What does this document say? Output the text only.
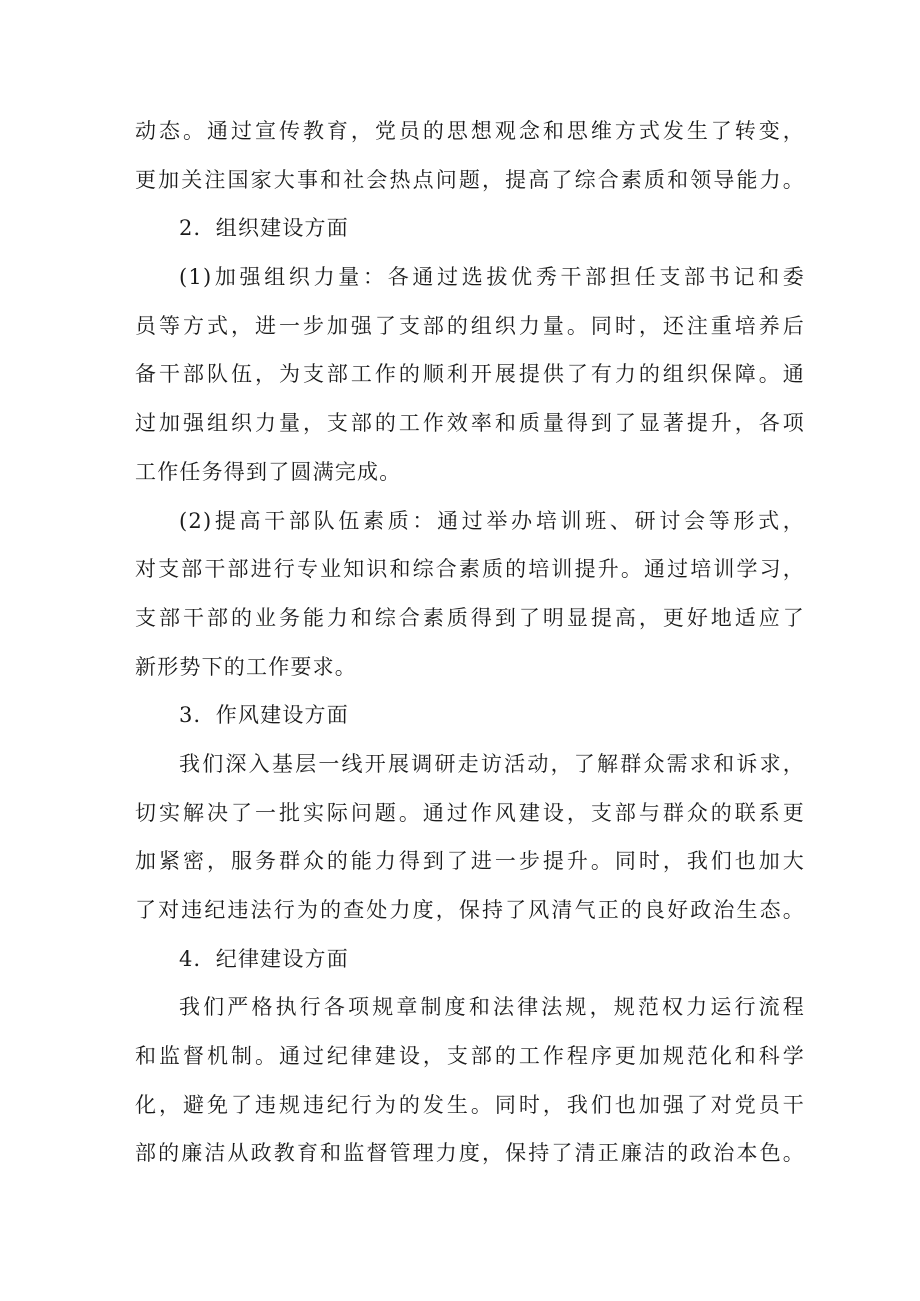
动态。通过宣传教育，党员的思想观念和思维方式发生了转变，
更加关注国家大事和社会热点问题，提高了综合素质和领导能力。
2．组织建设方面
(1)加强组织力量：各通过选拔优秀干部担任支部书记和委
员等方式，进一步加强了支部的组织力量。同时，还注重培养后
备干部队伍，为支部工作的顺利开展提供了有力的组织保障。通
过加强组织力量，支部的工作效率和质量得到了显著提升，各项
工作任务得到了圆满完成。
(2)提高干部队伍素质：通过举办培训班、研讨会等形式，
对支部干部进行专业知识和综合素质的培训提升。通过培训学习，
支部干部的业务能力和综合素质得到了明显提高，更好地适应了
新形势下的工作要求。
3．作风建设方面
我们深入基层一线开展调研走访活动，了解群众需求和诉求，
切实解决了一批实际问题。通过作风建设，支部与群众的联系更
加紧密，服务群众的能力得到了进一步提升。同时，我们也加大
了对违纪违法行为的查处力度，保持了风清气正的良好政治生态。
4．纪律建设方面
我们严格执行各项规章制度和法律法规，规范权力运行流程
和监督机制。通过纪律建设，支部的工作程序更加规范化和科学
化，避免了违规违纪行为的发生。同时，我们也加强了对党员干
部的廉洁从政教育和监督管理力度，保持了清正廉洁的政治本色。
